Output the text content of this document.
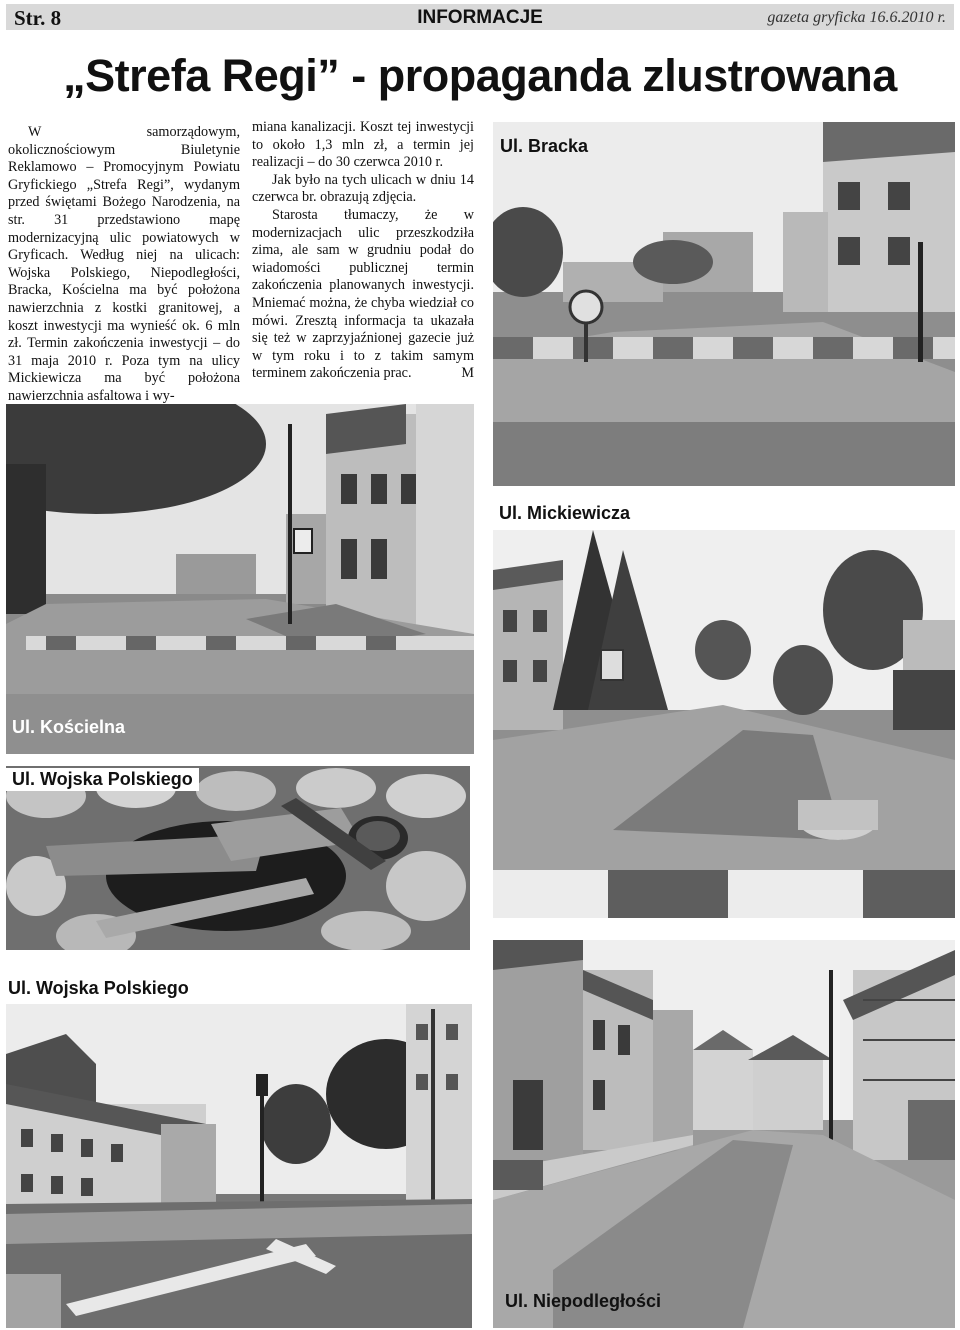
Str. 8	INFORMACJE	gazeta gryficka 16.6.2010 r.
„Strefa Regi” - propaganda zlustrowana

W samorządowym, okolicznościowym Biuletynie Reklamowo – Promocyjnym Powiatu Gryfickiego „Strefa Regi”, wydanym przed świętami Bożego Narodzenia, na str. 31 przedstawiono mapę modernizacyjną ulic powiatowych w Gryficach. Według niej na ulicach: Wojska Polskiego, Niepodległości, Bracka, Kościelna ma być położona nawierzchnia z kostki granitowej, a koszt inwestycji ma wynieść ok. 6 mln zł. Termin zakończenia inwestycji – do 31 maja 2010 r. Poza tym na ulicy Mickiewicza ma być położona nawierzchnia asfaltowa i wy-

miana kanalizacji. Koszt tej inwestycji to około 1,3 mln zł, a termin jej realizacji – do 30 czerwca 2010 r.

Jak było na tych ulicach w dniu 14 czerwca br. obrazują zdjęcia.

Starosta tłumaczy, że w modernizacjach ulic przeszkodziła zima, ale sam w grudniu podał do wiadomości publicznej termin zakończenia planowanych inwestycji. Mniemać można, że chyba wiedział co mówi. Zresztą informacja ta ukazała się też w zaprzyjaźnionej gazecie już w tym roku i to z takim samym terminem zakończenia prac.	M

Ul. Bracka
Ul. Kościelna
Ul. Mickiewicza
Ul. Wojska Polskiego
Ul. Wojska Polskiego
Ul. Niepodległości
